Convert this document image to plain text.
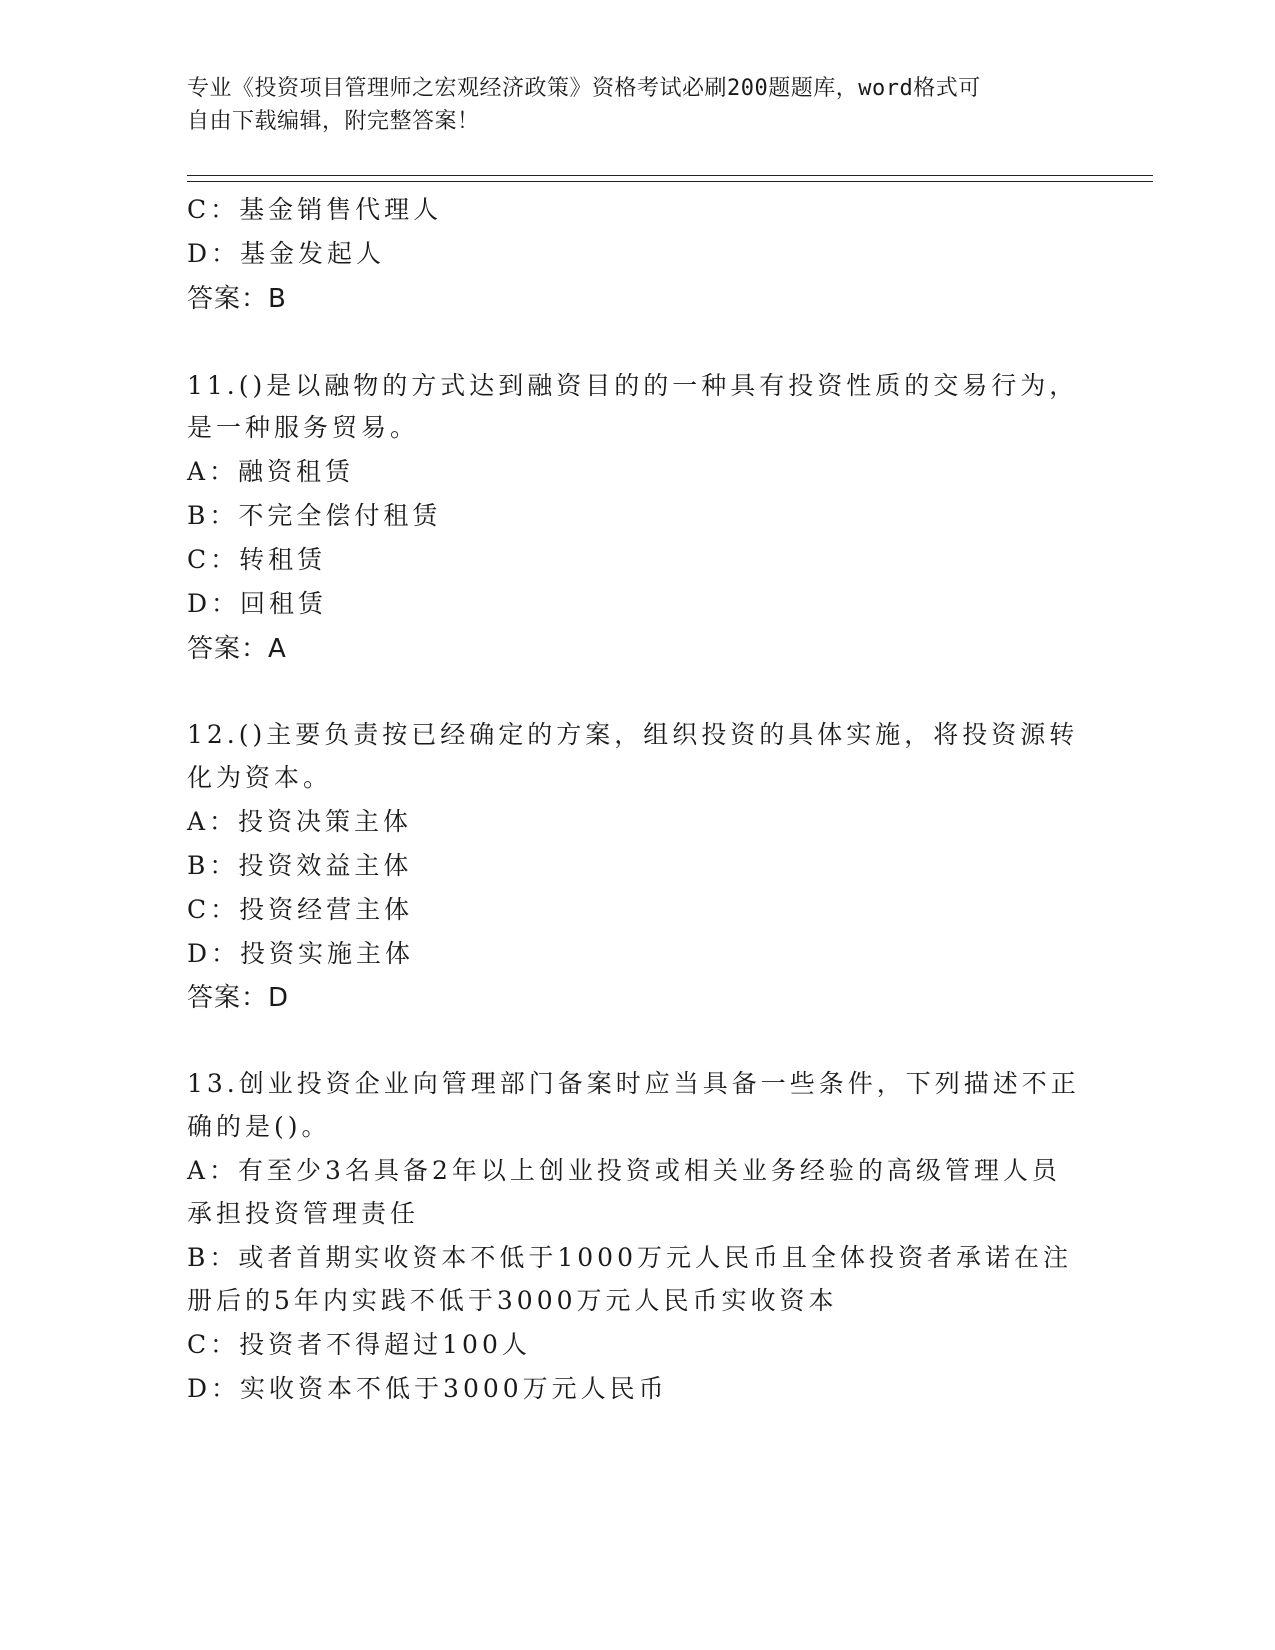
专业《投资项目管理师之宏观经济政策》资格考试必刷200题题库，word格式可
自由下载编辑，附完整答案！
C：基金销售代理人
D：基金发起人
答案：B
11.()是以融物的方式达到融资目的的一种具有投资性质的交易行为，
是一种服务贸易。
A：融资租赁
B：不完全偿付租赁
C：转租赁
D：回租赁
答案：A
12.()主要负责按已经确定的方案，组织投资的具体实施，将投资源转
化为资本。
A：投资决策主体
B：投资效益主体
C：投资经营主体
D：投资实施主体
答案：D
13.创业投资企业向管理部门备案时应当具备一些条件，下列描述不正
确的是()。
A：有至少3名具备2年以上创业投资或相关业务经验的高级管理人员
承担投资管理责任
B：或者首期实收资本不低于1000万元人民币且全体投资者承诺在注
册后的5年内实践不低于3000万元人民币实收资本
C：投资者不得超过100人
D：实收资本不低于3000万元人民币
